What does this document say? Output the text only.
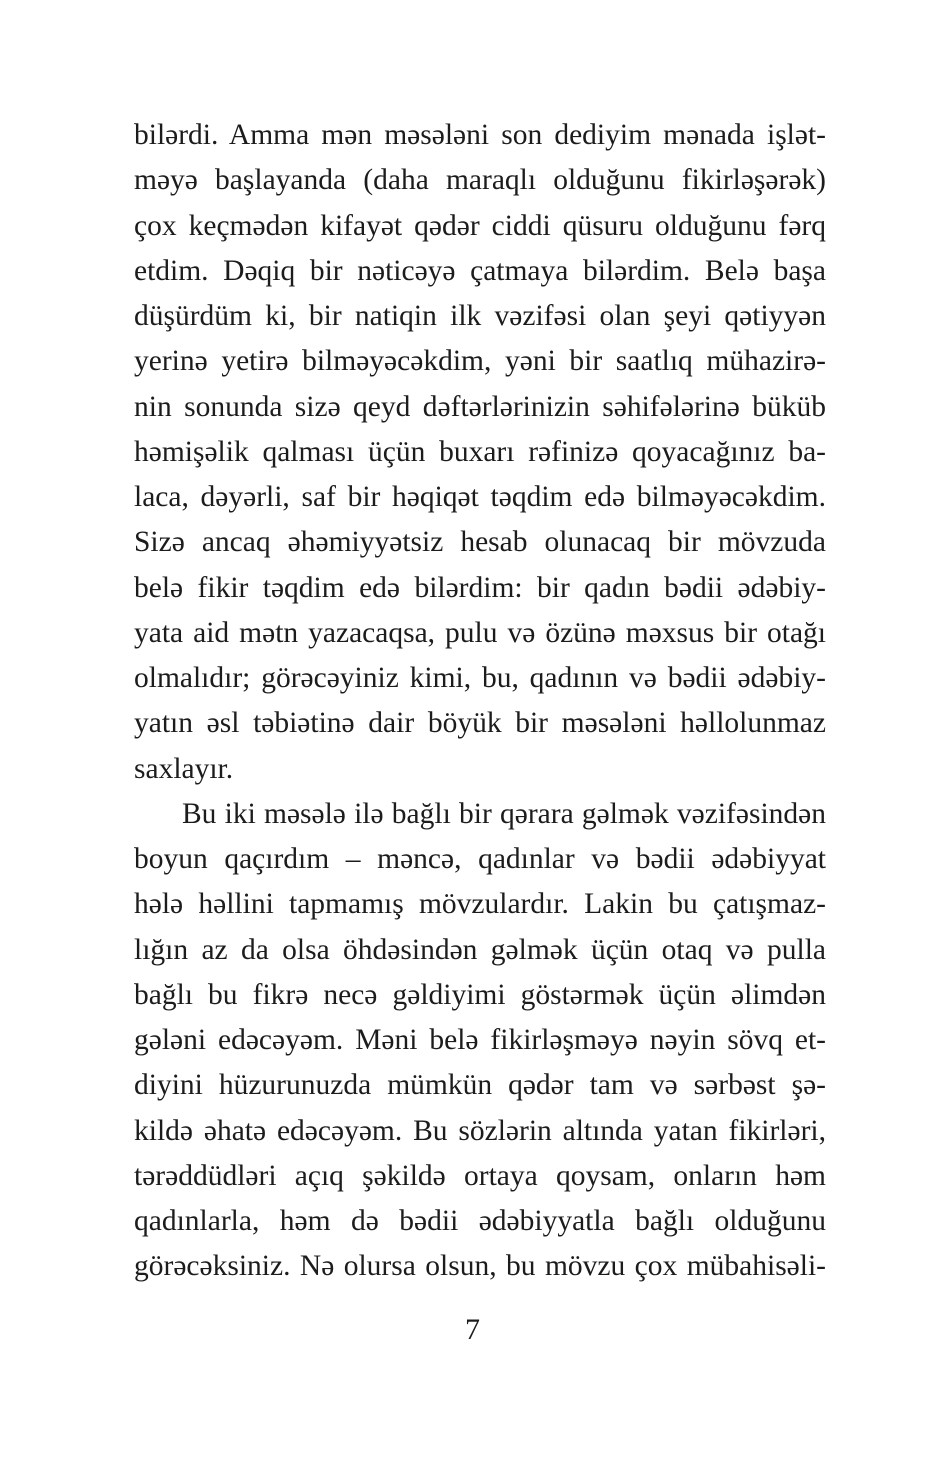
bilərdi. Amma mən məsələni son dediyim mənada işlət-
məyə başlayanda (daha maraqlı olduğunu fikirləşərək)
çox keçmədən kifayət qədər ciddi qüsuru olduğunu fərq
etdim. Dəqiq bir nəticəyə çatmaya bilərdim. Belə başa
düşürdüm ki, bir natiqin ilk vəzifəsi olan şeyi qətiyyən
yerinə yetirə bilməyəcəkdim, yəni bir saatlıq mühazirə-
nin sonunda sizə qeyd dəftərlərinizin səhifələrinə büküb
həmişəlik qalması üçün buxarı rəfinizə qoyacağınız ba-
laca, dəyərli, saf bir həqiqət təqdim edə bilməyəcəkdim.
Sizə ancaq əhəmiyyətsiz hesab olunacaq bir mövzuda
belə fikir təqdim edə bilərdim: bir qadın bədii ədəbiy-
yata aid mətn yazacaqsa, pulu və özünə məxsus bir otağı
olmalıdır; görəcəyiniz kimi, bu, qadının və bədii ədəbiy-
yatın əsl təbiətinə dair böyük bir məsələni həllolunmaz
saxlayır.
Bu iki məsələ ilə bağlı bir qərara gəlmək vəzifəsindən
boyun qaçırdım – məncə, qadınlar və bədii ədəbiyyat
hələ həllini tapmamış mövzulardır. Lakin bu çatışmaz-
lığın az da olsa öhdəsindən gəlmək üçün otaq və pulla
bağlı bu fikrə necə gəldiyimi göstərmək üçün əlimdən
gələni edəcəyəm. Məni belə fikirləşməyə nəyin sövq et-
diyini hüzurunuzda mümkün qədər tam və sərbəst şə-
kildə əhatə edəcəyəm. Bu sözlərin altında yatan fikirləri,
tərəddüdləri açıq şəkildə ortaya qoysam, onların həm
qadınlarla, həm də bədii ədəbiyyatla bağlı olduğunu
görəcəksiniz. Nə olursa olsun, bu mövzu çox mübahisəli-
7
